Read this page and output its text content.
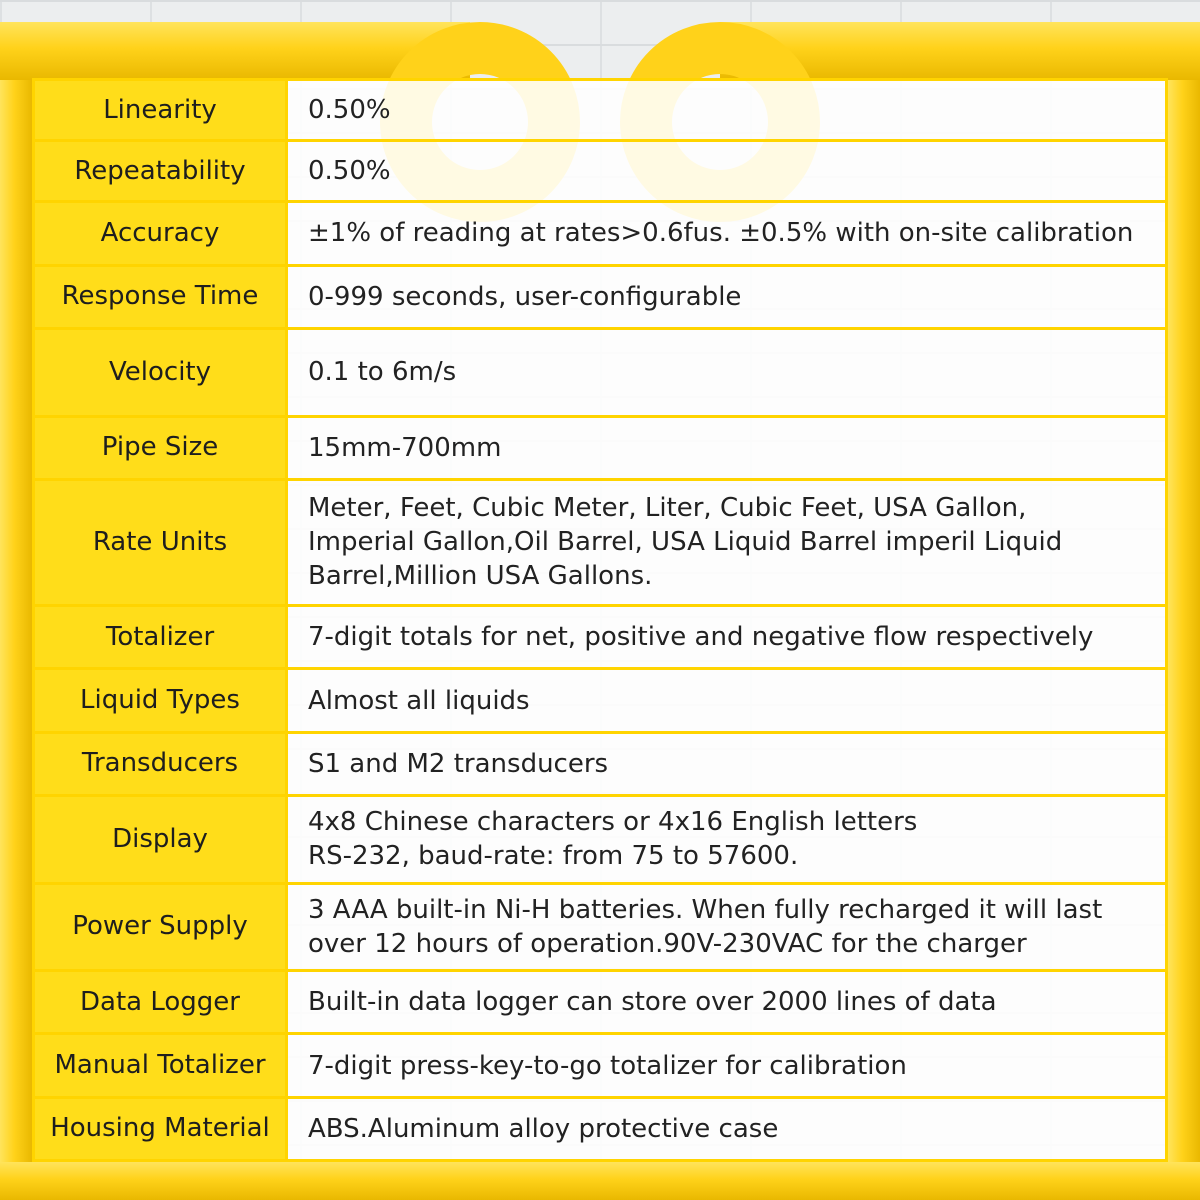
Linearity	0.50%

Repeatability	0.50%

Accuracy	±1% of reading at rates>0.6fus. ±0.5% with on-site calibration

Response Time	0-999 seconds, user-configurable

Velocity	0.1 to 6m/s

Pipe Size	15mm-700mm

Rate Units	Meter, Feet, Cubic Meter, Liter, Cubic Feet, USA Gallon,
Imperial Gallon,Oil Barrel, USA Liquid Barrel imperil Liquid
Barrel,Million USA Gallons.

Totalizer	7-digit totals for net, positive and negative flow respectively

Liquid Types	Almost all liquids

Transducers	S1 and M2 transducers

Display	4x8 Chinese characters or 4x16 English letters
RS-232, baud-rate: from 75 to 57600.

Power Supply	3 AAA built-in Ni-H batteries. When fully recharged it will last
over 12 hours of operation.90V-230VAC for the charger

Data Logger	Built-in data logger can store over 2000 lines of data

Manual Totalizer	7-digit press-key-to-go totalizer for calibration

Housing Material	ABS.Aluminum alloy protective case
